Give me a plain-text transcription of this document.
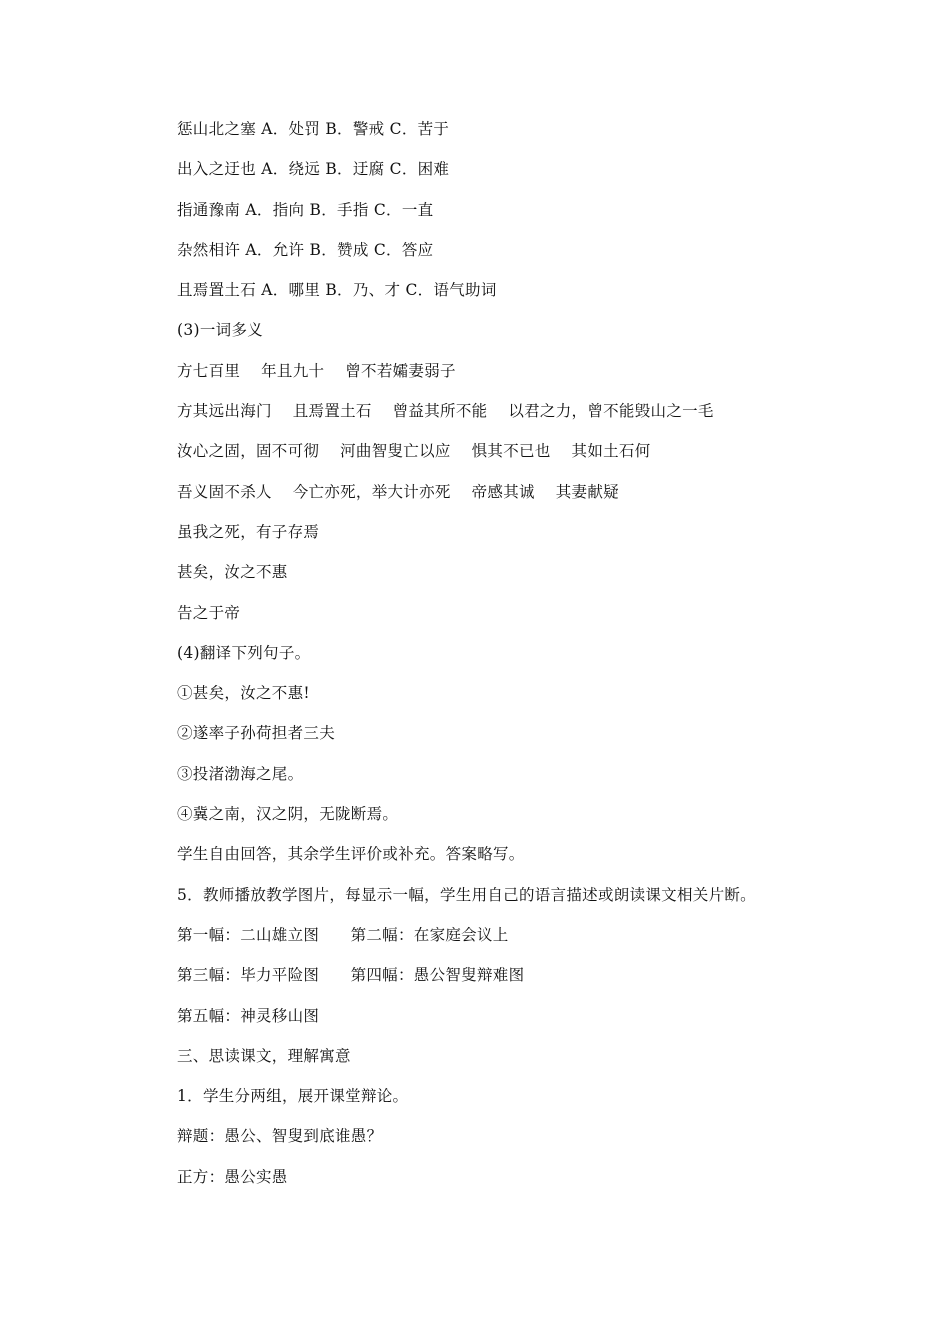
惩山北之塞 A．处罚 B．警戒 C．苦于
出入之迂也 A．绕远 B．迂腐 C．困难
指通豫南 A．指向 B．手指 C．一直
杂然相许 A．允许 B．赞成 C．答应
且焉置土石 A．哪里 B．乃、才 C．语气助词
(3)一词多义
方七百里    年且九十    曾不若孀妻弱子
方其远出海门    且焉置土石    曾益其所不能    以君之力，曾不能毁山之一毛
汝心之固，固不可彻    河曲智叟亡以应    惧其不已也    其如土石何
吾义固不杀人    今亡亦死，举大计亦死    帝感其诚    其妻献疑
虽我之死，有子存焉
甚矣，汝之不惠
告之于帝
(4)翻译下列句子。
①甚矣，汝之不惠!
②遂率子孙荷担者三夫
③投渚渤海之尾。
④冀之南，汉之阴，无陇断焉。
学生自由回答，其余学生评价或补充。答案略写。
5．教师播放教学图片，每显示一幅，学生用自己的语言描述或朗读课文相关片断。
第一幅：二山雄立图      第二幅：在家庭会议上
第三幅：毕力平险图      第四幅：愚公智叟辩难图
第五幅：神灵移山图
三、思读课文，理解寓意
1．学生分两组，展开课堂辩论。
辩题：愚公、智叟到底谁愚？
正方：愚公实愚
